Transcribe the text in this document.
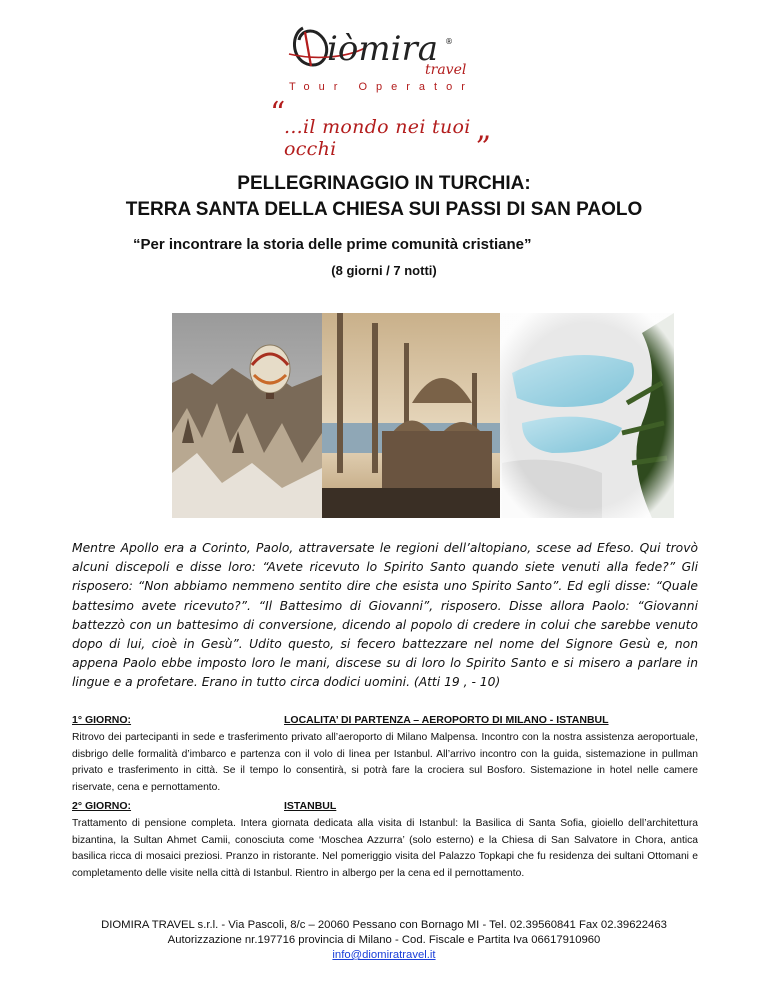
iòmira ®
travel
Tour Operator
“
...il mondo nei tuoi occhi
„
PELLEGRINAGGIO IN TURCHIA:
TERRA SANTA DELLA CHIESA SUI PASSI DI SAN PAOLO
“Per incontrare la storia delle prime comunità cristiane”
(8 giorni / 7 notti)
Mentre Apollo era a Corinto, Paolo, attraversate le regioni dell’altopiano, scese ad Efeso. Qui trovò alcuni discepoli e disse loro: “Avete ricevuto lo Spirito Santo quando siete venuti alla fede?” Gli risposero: “Non abbiamo nemmeno sentito dire che esista uno Spirito Santo”. Ed egli disse: “Quale battesimo avete ricevuto?”. “Il Battesimo di Giovanni”, risposero. Disse allora Paolo: “Giovanni battezzò con un battesimo di conversione, dicendo al popolo di credere in colui che sarebbe venuto dopo di lui, cioè in Gesù”. Udito questo, si fecero battezzare nel nome del Signore Gesù e, non appena Paolo ebbe imposto loro le mani, discese su di loro lo Spirito Santo e si misero a parlare in lingue e a profetare. Erano in tutto circa dodici uomini. (Atti 19 , - 10)
1° GIORNO:	LOCALITA’ DI PARTENZA – AEROPORTO DI MILANO - ISTANBUL
Ritrovo dei partecipanti in sede e trasferimento privato all’aeroporto di Milano Malpensa. Incontro con la nostra assistenza aeroportuale, disbrigo delle formalità d’imbarco e partenza con il volo di linea per Istanbul. All’arrivo incontro con la guida, sistemazione in pullman privato e trasferimento in città. Se il tempo lo consentirà, si potrà fare la crociera sul Bosforo. Sistemazione in hotel nelle camere riservate, cena e pernottamento.
2° GIORNO:	ISTANBUL
Trattamento di pensione completa. Intera giornata dedicata alla visita di Istanbul: la Basilica di Santa Sofia, gioiello dell’architettura bizantina, la Sultan Ahmet Camii, conosciuta come ‘Moschea Azzurra’ (solo esterno) e la Chiesa di San Salvatore in Chora, antica basilica ricca di mosaici preziosi. Pranzo in ristorante. Nel pomeriggio visita del Palazzo Topkapi che fu residenza dei sultani Ottomani e completamento delle visite nella città di Istanbul. Rientro in albergo per la cena ed il pernottamento.
DIOMIRA TRAVEL s.r.l. - Via Pascoli, 8/c – 20060 Pessano con Bornago MI - Tel. 02.39560841 Fax 02.39622463
Autorizzazione nr.197716 provincia di Milano - Cod. Fiscale e Partita Iva 06617910960
info@diomiratravel.it
